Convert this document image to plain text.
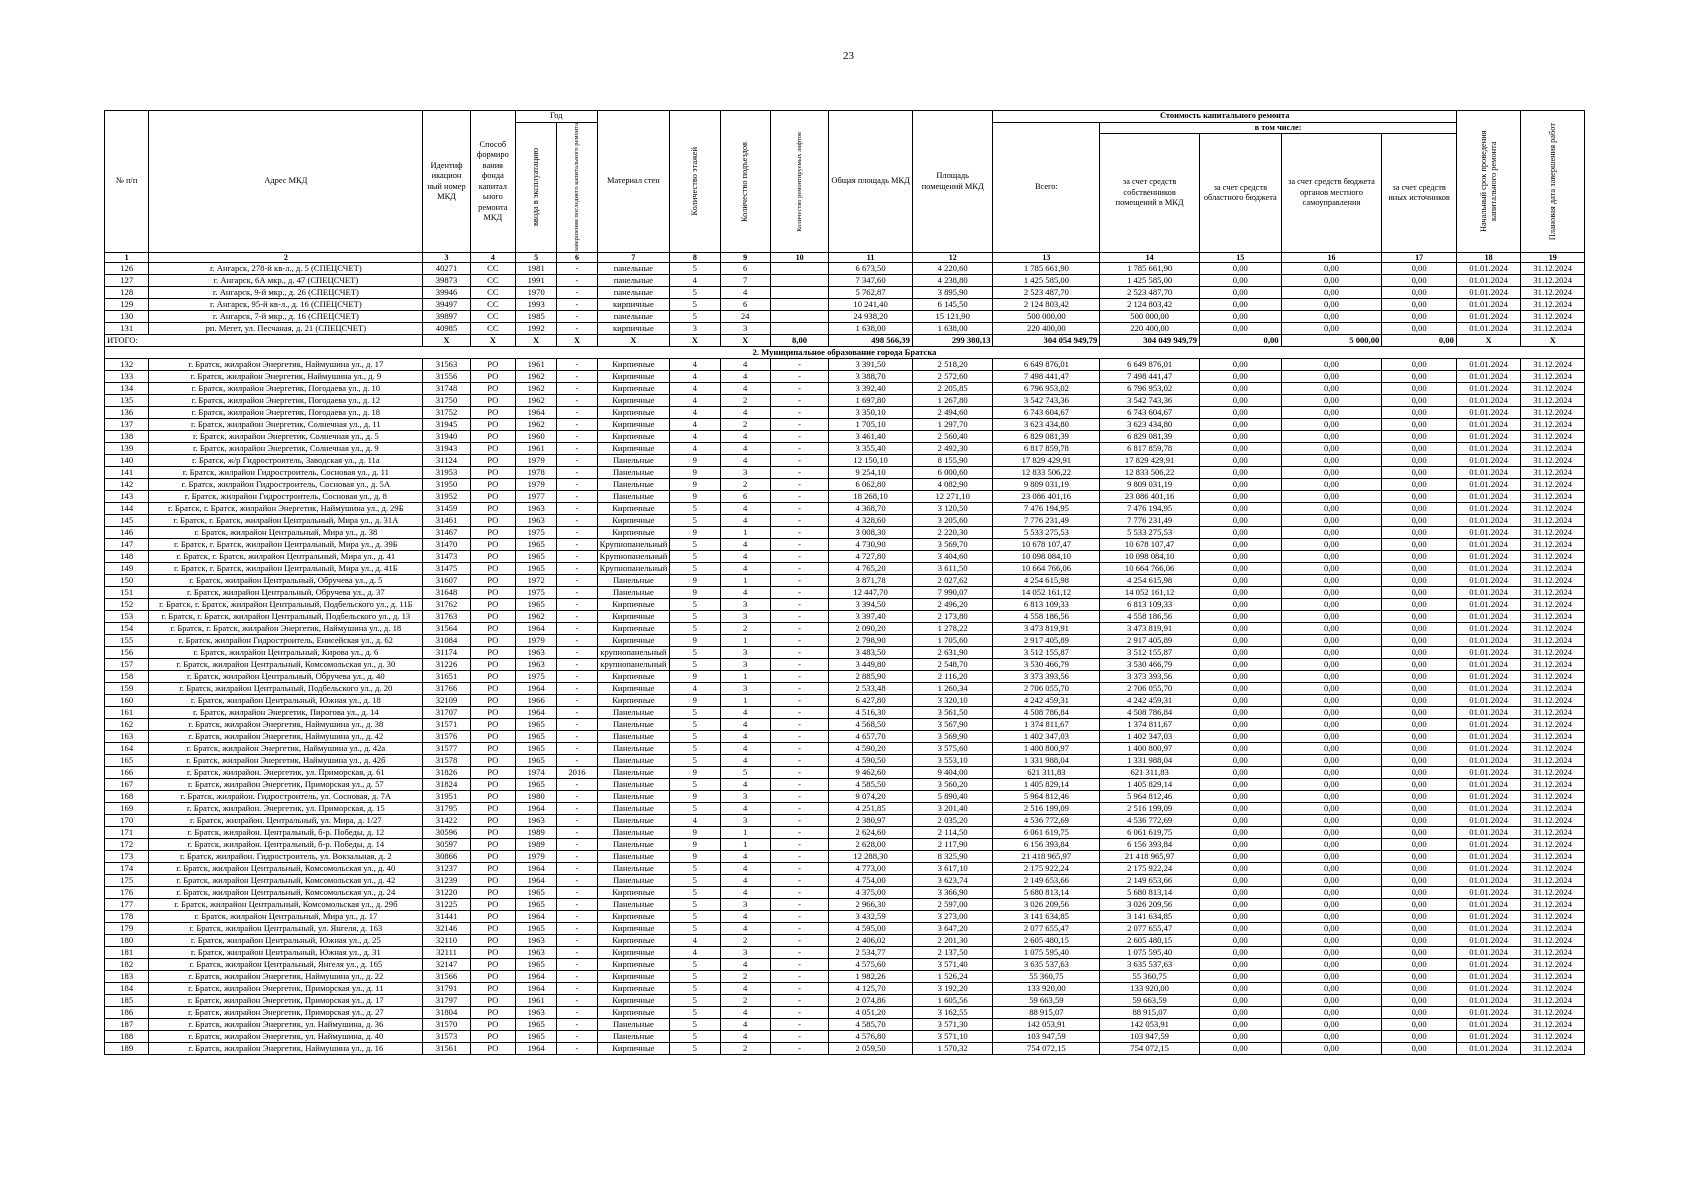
23
№ п/п	Адрес МКД	Идентиф икацион ный номер МКД	Способ формиро вания фонда капитал ьного ремонта МКД	Год		Материал стен	Количество этажей	Количество подъездов	Количество ремонтируемых лифтов	Общая площадь МКД	Площадь помещений МКД	Стоимость капитального ремонта					Начальный срок проведения капитального ремонта	Плановая дата завершения работ

				ввода в эксплуатацию	завершения последнего капитального ремонта							Всего:	в том числе:					
													за счет средств собственников помещений в МКД	за счет средств областного бюджета	за счет средств бюджета органов местного самоуправления	за счет средств иных источников		
1	2	3	4	5	6	7	8	9	10	11	12	13	14	15	16	17	18	19
126	г. Ангарск, 278-й кв-л., д. 5 (СПЕЦСЧЕТ)	40271	СС	1981	-	панельные	5	6		6 673,50	4 220,60	1 785 661,90	1 785 661,90	0,00	0,00	0,00	01.01.2024	31.12.2024
127	г. Ангарск, 6А мкр., д. 47 (СПЕЦСЧЕТ)	39873	СС	1991	-	панельные	4	7		7 347,60	4 238,80	1 425 585,00	1 425 585,00	0,00	0,00	0,00	01.01.2024	31.12.2024
128	г. Ангарск, 9-й мкр., д. 26 (СПЕЦСЧЕТ)	39946	СС	1970	-	панельные	5	4		5 762,87	3 895,90	2 523 487,70	2 523 487,70	0,00	0,00	0,00	01.01.2024	31.12.2024
129	г. Ангарск, 95-й кв-л., д. 16 (СПЕЦСЧЕТ)	39497	СС	1993	-	кирпичные	5	6		10 241,40	6 145,50	2 124 803,42	2 124 803,42	0,00	0,00	0,00	01.01.2024	31.12.2024
130	г. Ангарск, 7-й мкр., д. 16 (СПЕЦСЧЕТ)	39897	СС	1985	-	панельные	5	24		24 938,20	15 121,90	500 000,00	500 000,00	0,00	0,00	0,00	01.01.2024	31.12.2024
131	рп. Мегет, ул. Песчаная, д. 21 (СПЕЦСЧЕТ)	40985	СС	1992	-	кирпичные	3	3		1 638,00	1 638,00	220 400,00	220 400,00	0,00	0,00	0,00	01.01.2024	31.12.2024
ИТОГО:		X	X	X	X	X	X	X	8,00	498 566,39	299 380,13	304 054 949,79	304 049 949,79	0,00	5 000,00	0,00	X	X
2. Муниципальное образование города Братска																		
132	г. Братск, жилрайон Энергетик, Наймушина ул., д. 17	31563	РО	1961	-	Кирпичные	4	4	-	3 391,50	2 518,20	6 649 876,01	6 649 876,01	0,00	0,00	0,00	01.01.2024	31.12.2024
133	г. Братск, жилрайон Энергетик, Наймушина ул., д. 9	31556	РО	1962	-	Кирпичные	4	4	-	3 388,70	2 572,60	7 498 441,47	7 498 441,47	0,00	0,00	0,00	01.01.2024	31.12.2024
134	г. Братск, жилрайон Энергетик, Погодаева ул., д. 10	31748	РО	1962	-	Кирпичные	4	4	-	3 392,40	2 205,85	6 796 953,02	6 796 953,02	0,00	0,00	0,00	01.01.2024	31.12.2024
135	г. Братск, жилрайон Энергетик, Погодаева ул., д. 12	31750	РО	1962	-	Кирпичные	4	2	-	1 697,80	1 267,80	3 542 743,36	3 542 743,36	0,00	0,00	0,00	01.01.2024	31.12.2024
136	г. Братск, жилрайон Энергетик, Погодаева ул., д. 18	31752	РО	1964	-	Кирпичные	4	4	-	3 350,10	2 494,60	6 743 604,67	6 743 604,67	0,00	0,00	0,00	01.01.2024	31.12.2024
137	г. Братск, жилрайон Энергетик, Солнечная ул., д. 11	31945	РО	1962	-	Кирпичные	4	2	-	1 705,10	1 297,70	3 623 434,80	3 623 434,80	0,00	0,00	0,00	01.01.2024	31.12.2024
138	г. Братск, жилрайон Энергетик, Солнечная ул., д. 5	31940	РО	1960	-	Кирпичные	4	4	-	3 461,40	2 560,40	6 829 081,39	6 829 081,39	0,00	0,00	0,00	01.01.2024	31.12.2024
139	г. Братск, жилрайон Энергетик, Солнечная ул., д. 9	31943	РО	1961	-	Кирпичные	4	4	-	3 355,40	2 492,30	6 817 859,78	6 817 859,78	0,00	0,00	0,00	01.01.2024	31.12.2024
140	г. Братск, ж/р Гидростроитель, Заводская ул., д. 11а	31124	РО	1979	-	Панельные	9	4	-	12 150,10	8 155,90	17 829 429,91	17 829 429,91	0,00	0,00	0,00	01.01.2024	31.12.2024
141	г. Братск, жилрайон Гидростроитель, Сосновая ул., д. 11	31953	РО	1978	-	Панельные	9	3	-	9 254,10	6 000,60	12 833 506,22	12 833 506,22	0,00	0,00	0,00	01.01.2024	31.12.2024
142	г. Братск, жилрайон Гидростроитель, Сосновая ул., д. 5А	31950	РО	1979	-	Панельные	9	2	-	6 062,80	4 082,90	9 809 031,19	9 809 031,19	0,00	0,00	0,00	01.01.2024	31.12.2024
143	г. Братск, жилрайон Гидростроитель, Сосновая ул., д. 8	31952	РО	1977	-	Панельные	9	6	-	18 268,10	12 271,10	23 086 401,16	23 086 401,16	0,00	0,00	0,00	01.01.2024	31.12.2024
144	г. Братск, г. Братск, жилрайон Энергетик, Наймушина ул., д. 29Б	31459	РО	1963	-	Кирпичные	5	4	-	4 368,70	3 120,50	7 476 194,95	7 476 194,95	0,00	0,00	0,00	01.01.2024	31.12.2024
145	г. Братск, г. Братск, жилрайон Центральный, Мира ул., д. 31А	31461	РО	1963	-	Кирпичные	5	4	-	4 328,60	3 205,60	7 776 231,49	7 776 231,49	0,00	0,00	0,00	01.01.2024	31.12.2024
146	г. Братск, жилрайон Центральный, Мира ул., д. 38	31467	РО	1975	-	Кирпичные	9	1	-	3 008,30	2 220,30	5 533 275,53	5 533 275,53	0,00	0,00	0,00	01.01.2024	31.12.2024
147	г. Братск, г. Братск, жилрайон Центральный, Мира ул., д. 39Б	31470	РО	1965	-	Крупнопанельный	5	4	-	4 730,90	3 569,70	10 678 107,47	10 678 107,47	0,00	0,00	0,00	01.01.2024	31.12.2024
148	г. Братск, г. Братск, жилрайон Центральный, Мира ул., д. 41	31473	РО	1965	-	Крупнопанельный	5	4	-	4 727,80	3 404,60	10 098 084,10	10 098 084,10	0,00	0,00	0,00	01.01.2024	31.12.2024
149	г. Братск, г. Братск, жилрайон Центральный, Мира ул., д. 41Б	31475	РО	1965	-	Крупнопанельный	5	4	-	4 765,20	3 611,50	10 664 766,06	10 664 766,06	0,00	0,00	0,00	01.01.2024	31.12.2024
150	г. Братск, жилрайон Центральный, Обручева ул., д. 5	31607	РО	1972	-	Панельные	9	1	-	3 871,78	2 027,62	4 254 615,98	4 254 615,98	0,00	0,00	0,00	01.01.2024	31.12.2024
151	г. Братск, жилрайон Центральный, Обручева ул., д. 37	31648	РО	1975	-	Панельные	9	4	-	12 447,70	7 990,07	14 052 161,12	14 052 161,12	0,00	0,00	0,00	01.01.2024	31.12.2024
152	г. Братск, г. Братск, жилрайон Центральный, Подбельского ул., д. 11Б	31762	РО	1965	-	Кирпичные	5	3	-	3 394,50	2 496,20	6 813 109,33	6 813 109,33	0,00	0,00	0,00	01.01.2024	31.12.2024
153	г. Братск, г. Братск, жилрайон Центральный, Подбельского ул., д. 13	31763	РО	1962	-	Кирпичные	5	3	-	3 397,40	2 173,80	4 558 186,56	4 558 186,56	0,00	0,00	0,00	01.01.2024	31.12.2024
154	г. Братск, г. Братск, жилрайон Энергетик, Наймушина ул., д. 18	31564	РО	1964	-	Кирпичные	5	2	-	2 090,20	1 278,22	3 473 819,91	3 473 819,91	0,00	0,00	0,00	01.01.2024	31.12.2024
155	г. Братск, жилрайон Гидростроитель, Енисейская ул., д. 62	31084	РО	1979	-	Кирпичные	9	1	-	2 798,90	1 705,60	2 917 405,89	2 917 405,89	0,00	0,00	0,00	01.01.2024	31.12.2024
156	г. Братск, жилрайон Центральный, Кирова ул., д. 6	31174	РО	1963	-	крупнопанельный	5	3	-	3 483,50	2 631,90	3 512 155,87	3 512 155,87	0,00	0,00	0,00	01.01.2024	31.12.2024
157	г. Братск, жилрайон Центральный, Комсомольская ул., д. 30	31226	РО	1963	-	крупнопанельный	5	3	-	3 449,80	2 548,70	3 530 466,79	3 530 466,79	0,00	0,00	0,00	01.01.2024	31.12.2024
158	г. Братск, жилрайон Центральный, Обручева ул., д. 40	31651	РО	1975	-	Кирпичные	9	1	-	2 885,90	2 116,20	3 373 393,56	3 373 393,56	0,00	0,00	0,00	01.01.2024	31.12.2024
159	г. Братск, жилрайон Центральный, Подбельского ул., д. 20	31766	РО	1964	-	Кирпичные	4	3	-	2 533,48	1 260,34	2 706 055,70	2 706 055,70	0,00	0,00	0,00	01.01.2024	31.12.2024
160	г. Братск, жилрайон Центральный, Южная ул., д. 18	32109	РО	1966	-	Кирпичные	9	1	-	6 427,80	3 320,10	4 242 459,31	4 242 459,31	0,00	0,00	0,00	01.01.2024	31.12.2024
161	г. Братск, жилрайон Энергетик, Пирогова ул., д. 14	31707	РО	1964	-	Панельные	5	4	-	4 516,30	3 561,50	4 508 786,84	4 508 786,84	0,00	0,00	0,00	01.01.2024	31.12.2024
162	г. Братск, жилрайон Энергетик, Наймушина ул., д. 38	31571	РО	1965	-	Панельные	5	4	-	4 568,50	3 567,90	1 374 811,67	1 374 811,67	0,00	0,00	0,00	01.01.2024	31.12.2024
163	г. Братск, жилрайон Энергетик, Наймушина ул., д. 42	31576	РО	1965	-	Панельные	5	4	-	4 657,70	3 569,90	1 402 347,03	1 402 347,03	0,00	0,00	0,00	01.01.2024	31.12.2024
164	г. Братск, жилрайон Энергетик, Наймушина ул., д. 42а	31577	РО	1965	-	Панельные	5	4	-	4 590,20	3 575,60	1 400 800,97	1 400 800,97	0,00	0,00	0,00	01.01.2024	31.12.2024
165	г. Братск, жилрайон Энергетик, Наймушина ул., д. 42б	31578	РО	1965	-	Панельные	5	4	-	4 590,50	3 553,10	1 331 988,04	1 331 988,04	0,00	0,00	0,00	01.01.2024	31.12.2024
166	г. Братск, жилрайон. Энергетик, ул. Приморская, д. 61	31826	РО	1974	2016	Панельные	9	5	-	9 462,60	9 404,00	621 311,83	621 311,83	0,00	0,00	0,00	01.01.2024	31.12.2024
167	г. Братск, жилрайон Энергетик, Приморская ул., д. 57	31824	РО	1965	-	Панельные	5	4	-	4 585,50	3 560,20	1 405 829,14	1 405 829,14	0,00	0,00	0,00	01.01.2024	31.12.2024
168	г. Братск, жилрайон. Гидростроитель, ул. Сосновая, д. 7А	31951	РО	1980	-	Панельные	9	3	-	9 074,20	5 890,40	5 964 812,46	5 964 812,46	0,00	0,00	0,00	01.01.2024	31.12.2024
169	г. Братск, жилрайон. Энергетик, ул. Приморская, д. 15	31795	РО	1964	-	Панельные	5	4	-	4 251,85	3 201,40	2 516 199,09	2 516 199,09	0,00	0,00	0,00	01.01.2024	31.12.2024
170	г. Братск, жилрайон. Центральный, ул. Мира, д. 1/27	31422	РО	1963	-	Панельные	4	3	-	2 380,97	2 035,20	4 536 772,69	4 536 772,69	0,00	0,00	0,00	01.01.2024	31.12.2024
171	г. Братск, жилрайон. Центральный, б-р. Победы, д. 12	30596	РО	1989	-	Панельные	9	1	-	2 624,60	2 114,50	6 061 619,75	6 061 619,75	0,00	0,00	0,00	01.01.2024	31.12.2024
172	г. Братск, жилрайон. Центральный, б-р. Победы, д. 14	30597	РО	1989	-	Панельные	9	1	-	2 628,00	2 117,90	6 156 393,84	6 156 393,84	0,00	0,00	0,00	01.01.2024	31.12.2024
173	г. Братск, жилрайон. Гидростроитель, ул. Вокзальная, д. 2	30866	РО	1979	-	Панельные	9	4	-	12 288,30	8 325,90	21 418 965,97	21 418 965,97	0,00	0,00	0,00	01.01.2024	31.12.2024
174	г. Братск, жилрайон Центральный, Комсомольская ул., д. 40	31237	РО	1964	-	Панельные	5	4	-	4 773,00	3 617,10	2 175 922,24	2 175 922,24	0,00	0,00	0,00	01.01.2024	31.12.2024
175	г. Братск, жилрайон Центральный, Комсомольская ул., д. 42	31239	РО	1964	-	Панельные	5	4	-	4 754,00	3 623,74	2 149 653,66	2 149 653,66	0,00	0,00	0,00	01.01.2024	31.12.2024
176	г. Братск, жилрайон Центральный, Комсомольская ул., д. 24	31220	РО	1965	-	Кирпичные	5	4	-	4 375,00	3 366,90	5 680 813,14	5 680 813,14	0,00	0,00	0,00	01.01.2024	31.12.2024
177	г. Братск, жилрайон Центральный, Комсомольская ул., д. 29б	31225	РО	1965	-	Панельные	5	3	-	2 966,30	2 597,00	3 026 209,56	3 026 209,56	0,00	0,00	0,00	01.01.2024	31.12.2024
178	г. Братск, жилрайон Центральный, Мира ул., д. 17	31441	РО	1964	-	Кирпичные	5	4	-	3 432,59	3 273,00	3 141 634,85	3 141 634,85	0,00	0,00	0,00	01.01.2024	31.12.2024
179	г. Братск, жилрайон Центральный, ул. Янгеля, д. 163	32146	РО	1965	-	Кирпичные	5	4	-	4 595,00	3 647,20	2 077 655,47	2 077 655,47	0,00	0,00	0,00	01.01.2024	31.12.2024
180	г. Братск, жилрайон Центральный, Южная ул., д. 25	32110	РО	1963	-	Кирпичные	4	2	-	2 406,02	2 201,30	2 605 480,15	2 605 480,15	0,00	0,00	0,00	01.01.2024	31.12.2024
181	г. Братск, жилрайон Центральный, Южная ул., д. 31	32111	РО	1963	-	Кирпичные	4	3	-	2 534,77	2 137,50	1 075 595,40	1 075 595,40	0,00	0,00	0,00	01.01.2024	31.12.2024
182	г. Братск, жилрайон Центральный, Янгеля ул., д. 165	32147	РО	1965	-	Кирпичные	5	4	-	4 575,60	3 571,40	3 635 537,63	3 635 537,63	0,00	0,00	0,00	01.01.2024	31.12.2024
183	г. Братск, жилрайон Энергетик, Наймушина ул., д. 22	31566	РО	1964	-	Кирпичные	5	2	-	1 982,26	1 526,24	55 360,75	55 360,75	0,00	0,00	0,00	01.01.2024	31.12.2024
184	г. Братск, жилрайон Энергетик, Приморская ул., д. 11	31791	РО	1964	-	Кирпичные	5	4	-	4 125,70	3 192,20	133 920,00	133 920,00	0,00	0,00	0,00	01.01.2024	31.12.2024
185	г. Братск, жилрайон Энергетик, Приморская ул., д. 17	31797	РО	1961	-	Кирпичные	5	2	-	2 074,86	1 605,56	59 663,59	59 663,59	0,00	0,00	0,00	01.01.2024	31.12.2024
186	г. Братск, жилрайон Энергетик, Приморская ул., д. 27	31804	РО	1963	-	Кирпичные	5	4	-	4 051,20	3 162,55	88 915,07	88 915,07	0,00	0,00	0,00	01.01.2024	31.12.2024
187	г. Братск, жилрайон Энергетик, ул. Наймушина, д. 36	31570	РО	1965	-	Панельные	5	4	-	4 585,70	3 571,30	142 053,91	142 053,91	0,00	0,00	0,00	01.01.2024	31.12.2024
188	г. Братск, жилрайон Энергетик, ул. Наймушина, д. 40	31573	РО	1965	-	Панельные	5	4	-	4 576,80	3 571,10	103 947,59	103 947,59	0,00	0,00	0,00	01.01.2024	31.12.2024
189	г. Братск, жилрайон Энергетик, Наймушина ул., д. 16	31561	РО	1964	-	Кирпичные	5	2	-	2 059,50	1 570,32	754 072,15	754 072,15	0,00	0,00	0,00	01.01.2024	31.12.2024
